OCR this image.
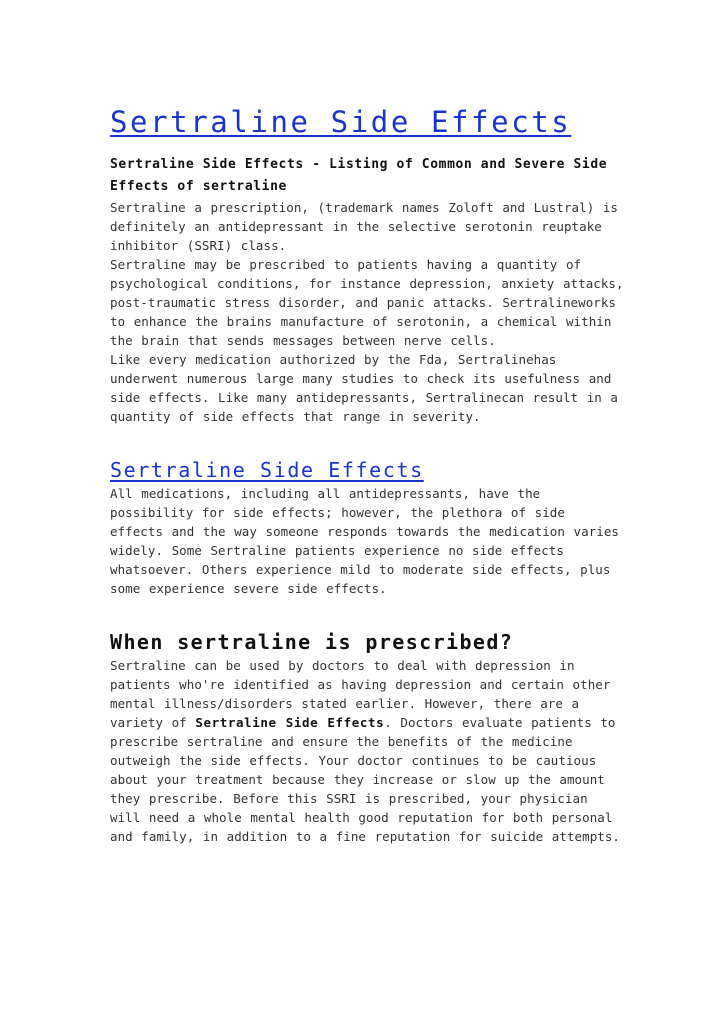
Sertraline Side Effects
Sertraline Side Effects - Listing of Common and Severe Side Effects of sertraline

Sertraline a prescription, (trademark names Zoloft and Lustral) is definitely an antidepressant in the selective serotonin reuptake inhibitor (SSRI) class.

Sertraline may be prescribed to patients having a quantity of psychological conditions, for instance depression, anxiety attacks, post-traumatic stress disorder, and panic attacks. Sertralineworks to enhance the brains manufacture of serotonin, a chemical within the brain that sends messages between nerve cells.

Like every medication authorized by the Fda, Sertralinehas underwent numerous large many studies to check its usefulness and side effects. Like many antidepressants, Sertralinecan result in a quantity of side effects that range in severity.

Sertraline Side Effects

All medications, including all antidepressants, have the possibility for side effects; however, the plethora of side effects and the way someone responds towards the medication varies widely. Some Sertraline patients experience no side effects whatsoever. Others experience mild to moderate side effects, plus some experience severe side effects.

When sertraline is prescribed?

Sertraline can be used by doctors to deal with depression in patients who're identified as having depression and certain other mental illness/disorders stated earlier. However, there are a variety of Sertraline Side Effects. Doctors evaluate patients to prescribe sertraline and ensure the benefits of the medicine outweigh the side effects. Your doctor continues to be cautious about your treatment because they increase or slow up the amount they prescribe. Before this SSRI is prescribed, your physician will need a whole mental health good reputation for both personal and family, in addition to a fine reputation for suicide attempts.
